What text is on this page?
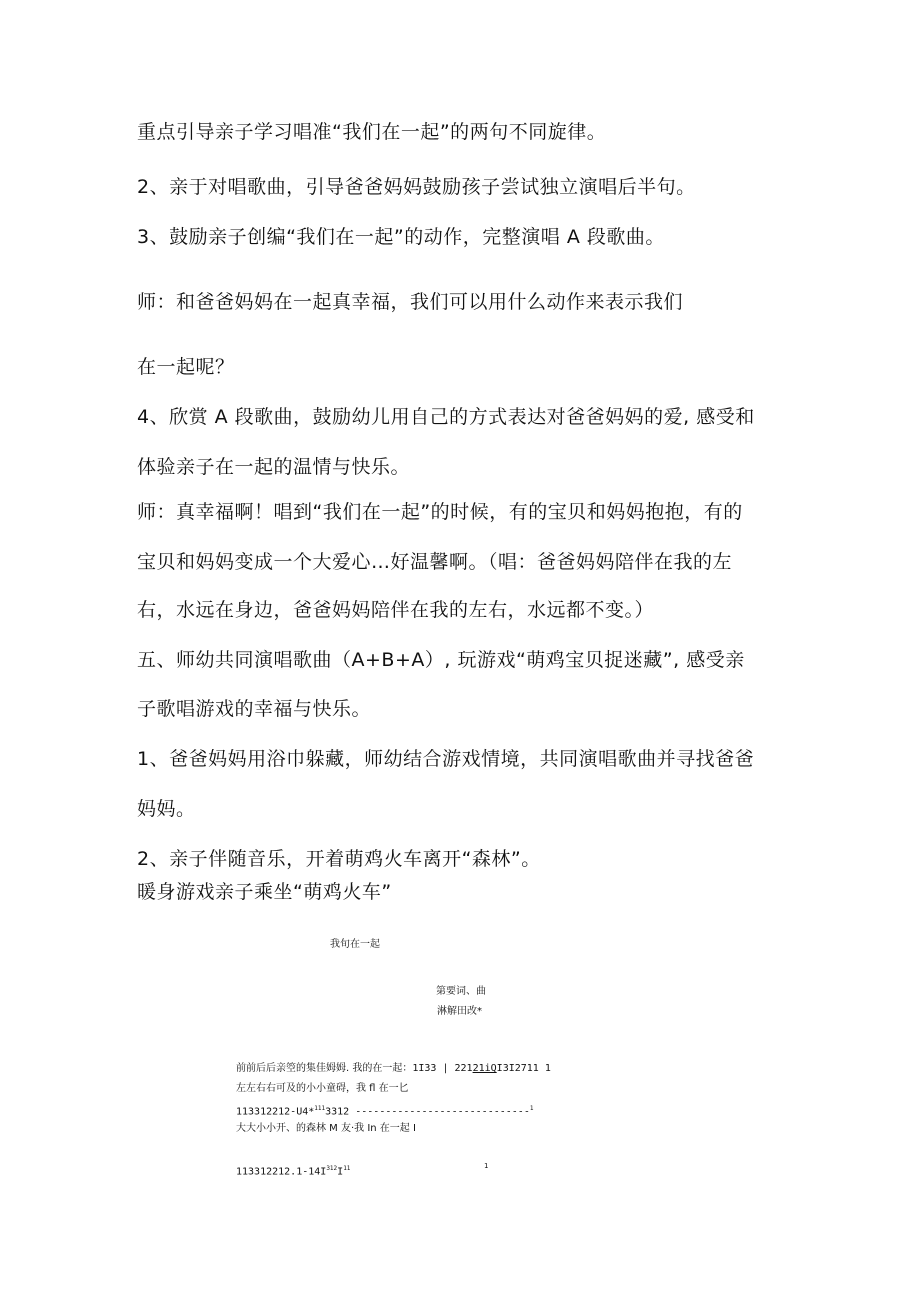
重点引导亲子学习唱准“我们在一起”的两句不同旋律。
2、亲于对唱歌曲，引导爸爸妈妈鼓励孩子尝试独立演唱后半句。
3、鼓励亲子创编“我们在一起”的动作，完整演唱 A 段歌曲。
师：和爸爸妈妈在一起真幸福，我们可以用什么动作来表示我们
在一起呢？
4、欣赏 A 段歌曲，鼓励幼儿用自己的方式表达对爸爸妈妈的爱, 感受和
体验亲子在一起的温情与快乐。
师：真幸福啊！唱到“我们在一起”的时候，有的宝贝和妈妈抱抱，有的
宝贝和妈妈变成一个大爱心…好温馨啊。（唱：爸爸妈妈陪伴在我的左
右，水远在身边，爸爸妈妈陪伴在我的左右，水远都不变。）
五、师幼共同演唱歌曲（A+B+A）, 玩游戏“萌鸡宝贝捉迷藏”, 感受亲
子歌唱游戏的幸福与快乐。
1、爸爸妈妈用浴巾躲藏，师幼结合游戏情境，共同演唱歌曲并寻找爸爸
妈妈。
2、亲子伴随音乐，开着萌鸡火车离开“森林”。
暖身游戏亲子乘坐“萌鸡火车”
我旬在一起
第要词、曲
淋解田改*
前前后后亲箜的集佳姆姆. 我的在一起：1I33 | 22121iQI3I2711 1
左左右右可及的小小童碍，我 fl 在一匕
113312212-U4*$^{111}$3312 -----------------------------$^1$
大大小小开、的森林 M 友·我 In 在一起 I
$113312212.1-14I^{312}I^{11}$	1
